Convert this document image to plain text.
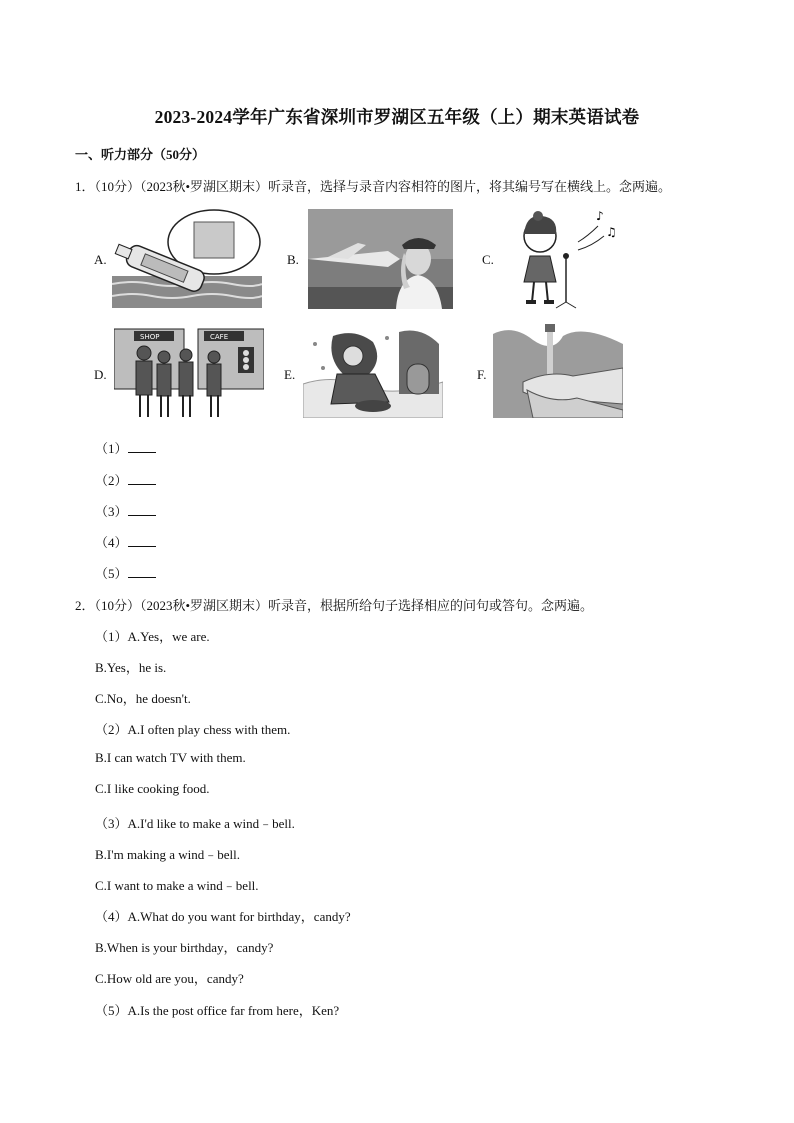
2023-2024学年广东省深圳市罗湖区五年级（上）期末英语试卷
一、听力部分（50分）
1．（10分）（2023秋•罗湖区期末）听录音，选择与录音内容相符的图片，将其编号写在横线上。念两遍。
A.	B.	C.
D.	E.	F.
♪
♫
SHOP	CAFE
（1）
（2）
（3）
（4）
（5）
2．（10分）（2023秋•罗湖区期末）听录音，根据所给句子选择相应的问句或答句。念两遍。
（1）A.Yes，we are.
B.Yes，he is.
C.No，he doesn't.
（2）A.I often play chess with them.
B.I can watch TV with them.
C.I like cooking food.
（3）A.I'd like to make a wind﹣bell.
B.I'm making a wind﹣bell.
C.I want to make a wind﹣bell.
（4）A.What do you want for birthday，candy?
B.When is your birthday，candy?
C.How old are you，candy?
（5）A.Is the post office far from here，Ken?
